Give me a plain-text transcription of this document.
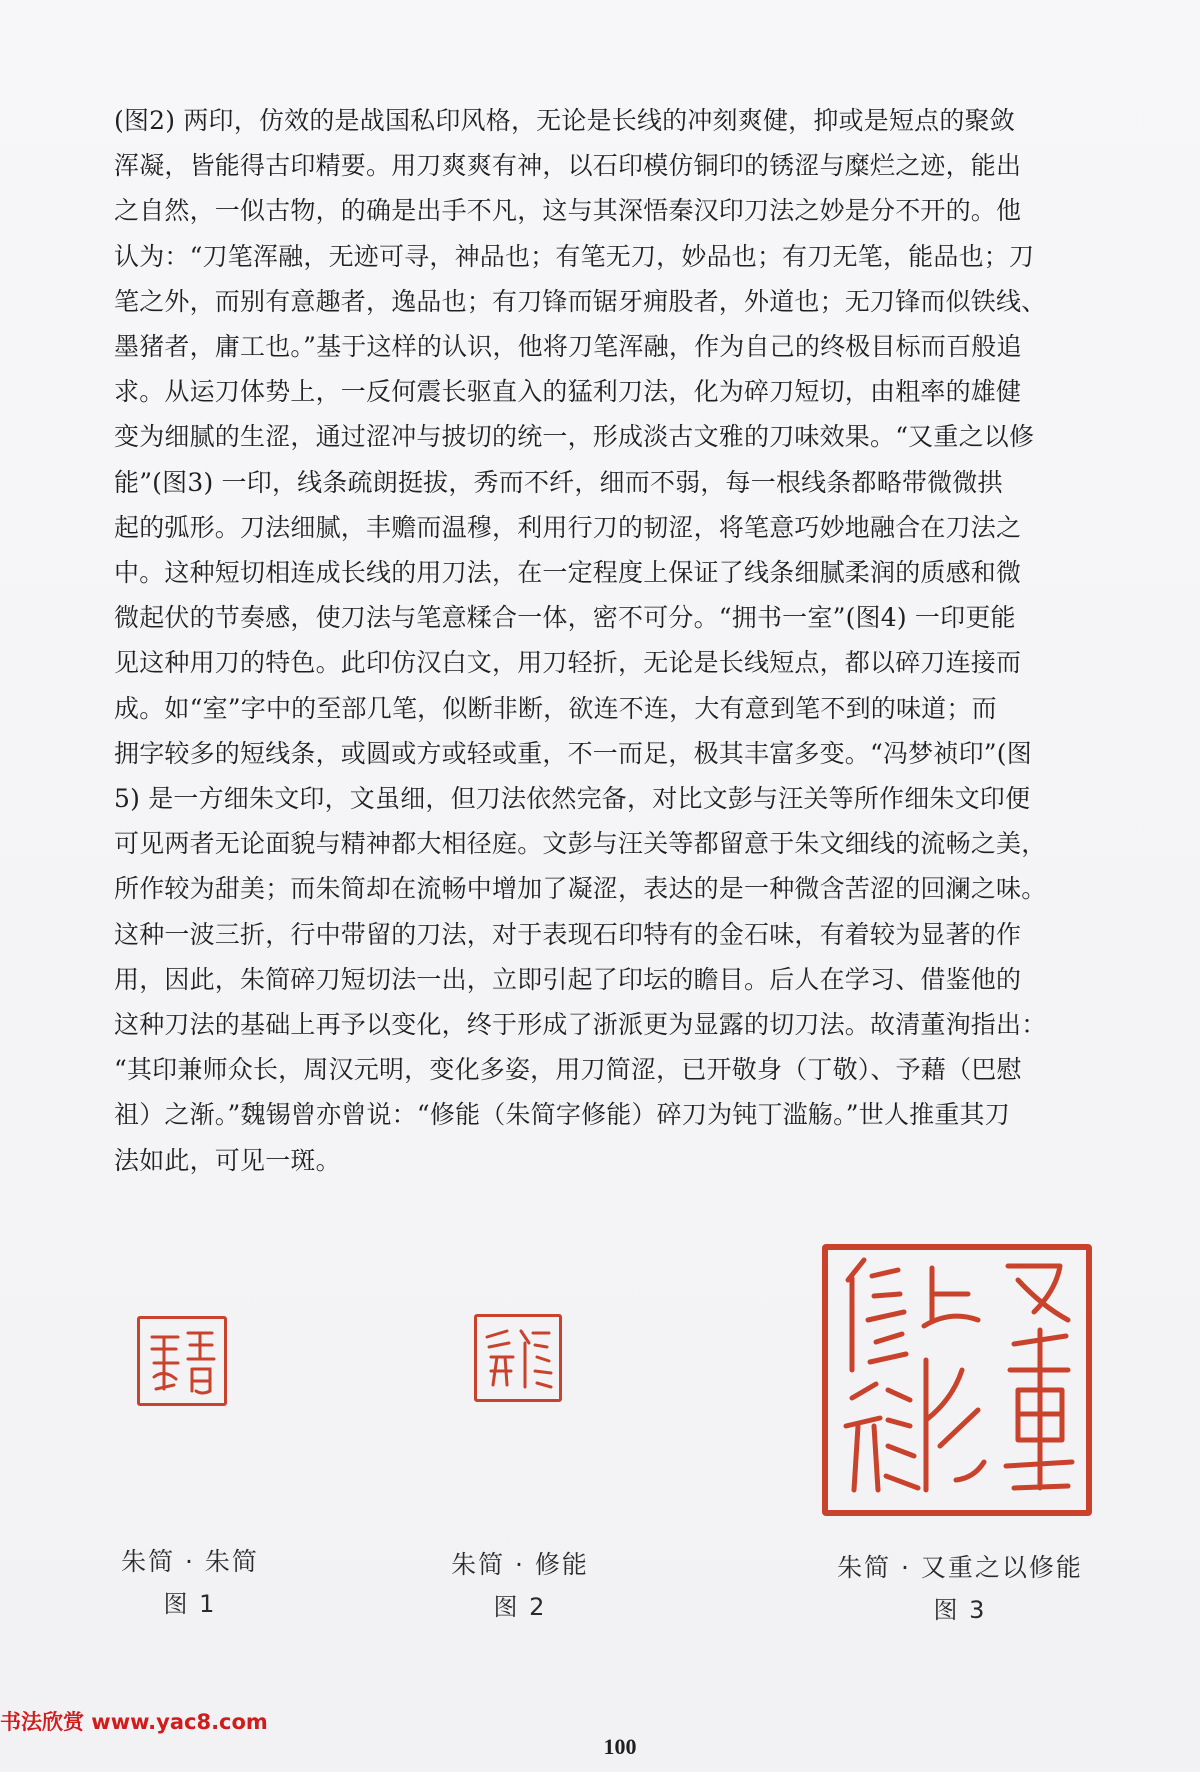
(图2) 两印，仿效的是战国私印风格，无论是长线的冲刻爽健，抑或是短点的聚敛
浑凝，皆能得古印精要。用刀爽爽有神，以石印模仿铜印的锈涩与糜烂之迹，能出
之自然，一似古物，的确是出手不凡，这与其深悟秦汉印刀法之妙是分不开的。他
认为：“刀笔浑融，无迹可寻，神品也；有笔无刀，妙品也；有刀无笔，能品也；刀
笔之外，而别有意趣者，逸品也；有刀锋而锯牙痈股者，外道也；无刀锋而似铁线、
墨猪者，庸工也。”基于这样的认识，他将刀笔浑融，作为自己的终极目标而百般追
求。从运刀体势上，一反何震长驱直入的猛利刀法，化为碎刀短切，由粗率的雄健
变为细腻的生涩，通过涩冲与披切的统一，形成淡古文雅的刀味效果。“又重之以修
能”(图3) 一印，线条疏朗挺拔，秀而不纤，细而不弱，每一根线条都略带微微拱
起的弧形。刀法细腻，丰赡而温穆，利用行刀的韧涩，将笔意巧妙地融合在刀法之
中。这种短切相连成长线的用刀法，在一定程度上保证了线条细腻柔润的质感和微
微起伏的节奏感，使刀法与笔意糅合一体，密不可分。“拥书一室”(图4) 一印更能
见这种用刀的特色。此印仿汉白文，用刀轻折，无论是长线短点，都以碎刀连接而
成。如“室”字中的至部几笔，似断非断，欲连不连，大有意到笔不到的味道；而
拥字较多的短线条，或圆或方或轻或重，不一而足，极其丰富多变。“冯梦祯印”(图
5) 是一方细朱文印，文虽细，但刀法依然完备，对比文彭与汪关等所作细朱文印便
可见两者无论面貌与精神都大相径庭。文彭与汪关等都留意于朱文细线的流畅之美，
所作较为甜美；而朱简却在流畅中增加了凝涩，表达的是一种微含苦涩的回澜之味。
这种一波三折，行中带留的刀法，对于表现石印特有的金石味，有着较为显著的作
用，因此，朱简碎刀短切法一出，立即引起了印坛的瞻目。后人在学习、借鉴他的
这种刀法的基础上再予以变化，终于形成了浙派更为显露的切刀法。故清董洵指出：
“其印兼师众长，周汉元明，变化多姿，用刀简涩，已开敬身（丁敬）、予藉（巴慰
祖）之渐。”魏锡曾亦曾说：“修能（朱简字修能）碎刀为钝丁滥觞。”世人推重其刀
法如此，可见一斑。
朱简 · 朱简
图 1
朱简 · 修能
图 2
朱简 · 又重之以修能
图 3
书法欣赏 www.yac8.com
100
